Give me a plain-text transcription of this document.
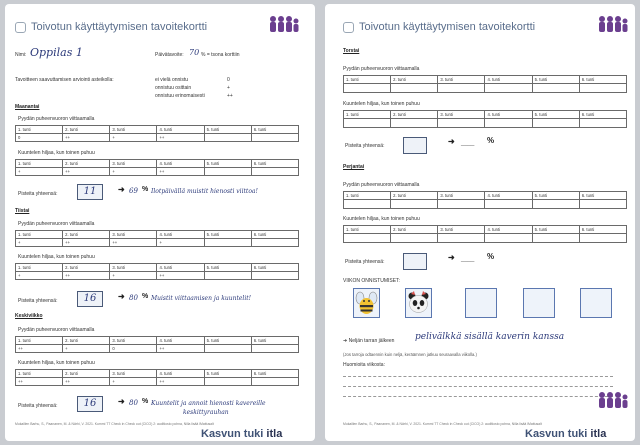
Toivotun käyttäytymisen tavoitekortti
Nimi: Oppilas 1	Päivätavoite: 70 % = tsona korttiin
Tavoitteen saavuttamisen arviointi asteikolla:	ei vielä onnistu	0
onnistuu osittain	+
onnistuu erinomaisesti	++
Maanantai
Pyydän puheenvuoron viittaamalla
1. tunti	2. tunti	3. tunti	4. tunti	5. tunti	6. tunti
0	++	+	++		
Kuuntelen hiljaa, kun toinen puhuu
1. tunti	2. tunti	3. tunti	4. tunti	5. tunti	6. tunti
+	++	+	++		
Pisteita yhteensä:	11	➜ 69 % Ilotpäivällä muistit hienosti viittoa!
Tiistai
Pyydän puheenvuoron viittaamalla
1. tunti	2. tunti	3. tunti	4. tunti	5. tunti	6. tunti
+	++	++	+		
Kuuntelen hiljaa, kun toinen puhuu
1. tunti	2. tunti	3. tunti	4. tunti	5. tunti	6. tunti
+	++	+	++		
Pisteita yhteensä:	16	➜ 80 % Muistit viittaamisen ja kuuntelit!
Keskiviikko
Pyydän puheenvuoron viittaamalla
1. tunti	2. tunti	3. tunti	4. tunti	5. tunti	6. tunti
++	+	0	++		
Kuuntelen hiljaa, kun toinen puhuu
1. tunti	2. tunti	3. tunti	4. tunti	5. tunti	6. tunti
++	++	+	++		
Pisteita yhteensä:	16	➜ 80 % Kuuntelit ja annoit hienosti kavereille
keskittyrauhan
Mukaillen Barhu, S., Paananen, M. & Närhi, V. 2021. Kummi TT Check in Check out (CICO) 2: auditiosto pohna, Nilla lisää lMattusalt
Kasvun tuki itla
Toivotun käyttäytymisen tavoitekortti
Torstai
Pyydän puheenvuoron viittaamalla
1. tunti	2. tunti	3. tunti	4. tunti	5. tunti	6. tunti

Kuuntelen hiljaa, kun toinen puhuu
1. tunti	2. tunti	3. tunti	4. tunti	5. tunti	6. tunti

Pisteita yhteensä:	➜ ____ %
Perjantai
Pyydän puheenvuoron viittaamalla
1. tunti	2. tunti	3. tunti	4. tunti	5. tunti	6. tunti

Kuuntelen hiljaa, kun toinen puhuu
1. tunti	2. tunti	3. tunti	4. tunti	5. tunti	6. tunti

Pisteita yhteensä:	➜ ____ %
VIIKON ONNISTUMISET:
➜ Neljän tarran jälkeen pelivälkkä sisällä kaverin kanssa
(Jos tarroja odtaennin kuin neljä, keräämnen jatkuu seuraavalla viikolla.)
Huomioita viikosta:
Mukaillen Barhu, S., Paananen, M. & Närhi, V. 2021. Kummi TT Check in Check out (CICO) 2: auditiosto pohna, Nilla lisää lMattusalt
Kasvun tuki itla
